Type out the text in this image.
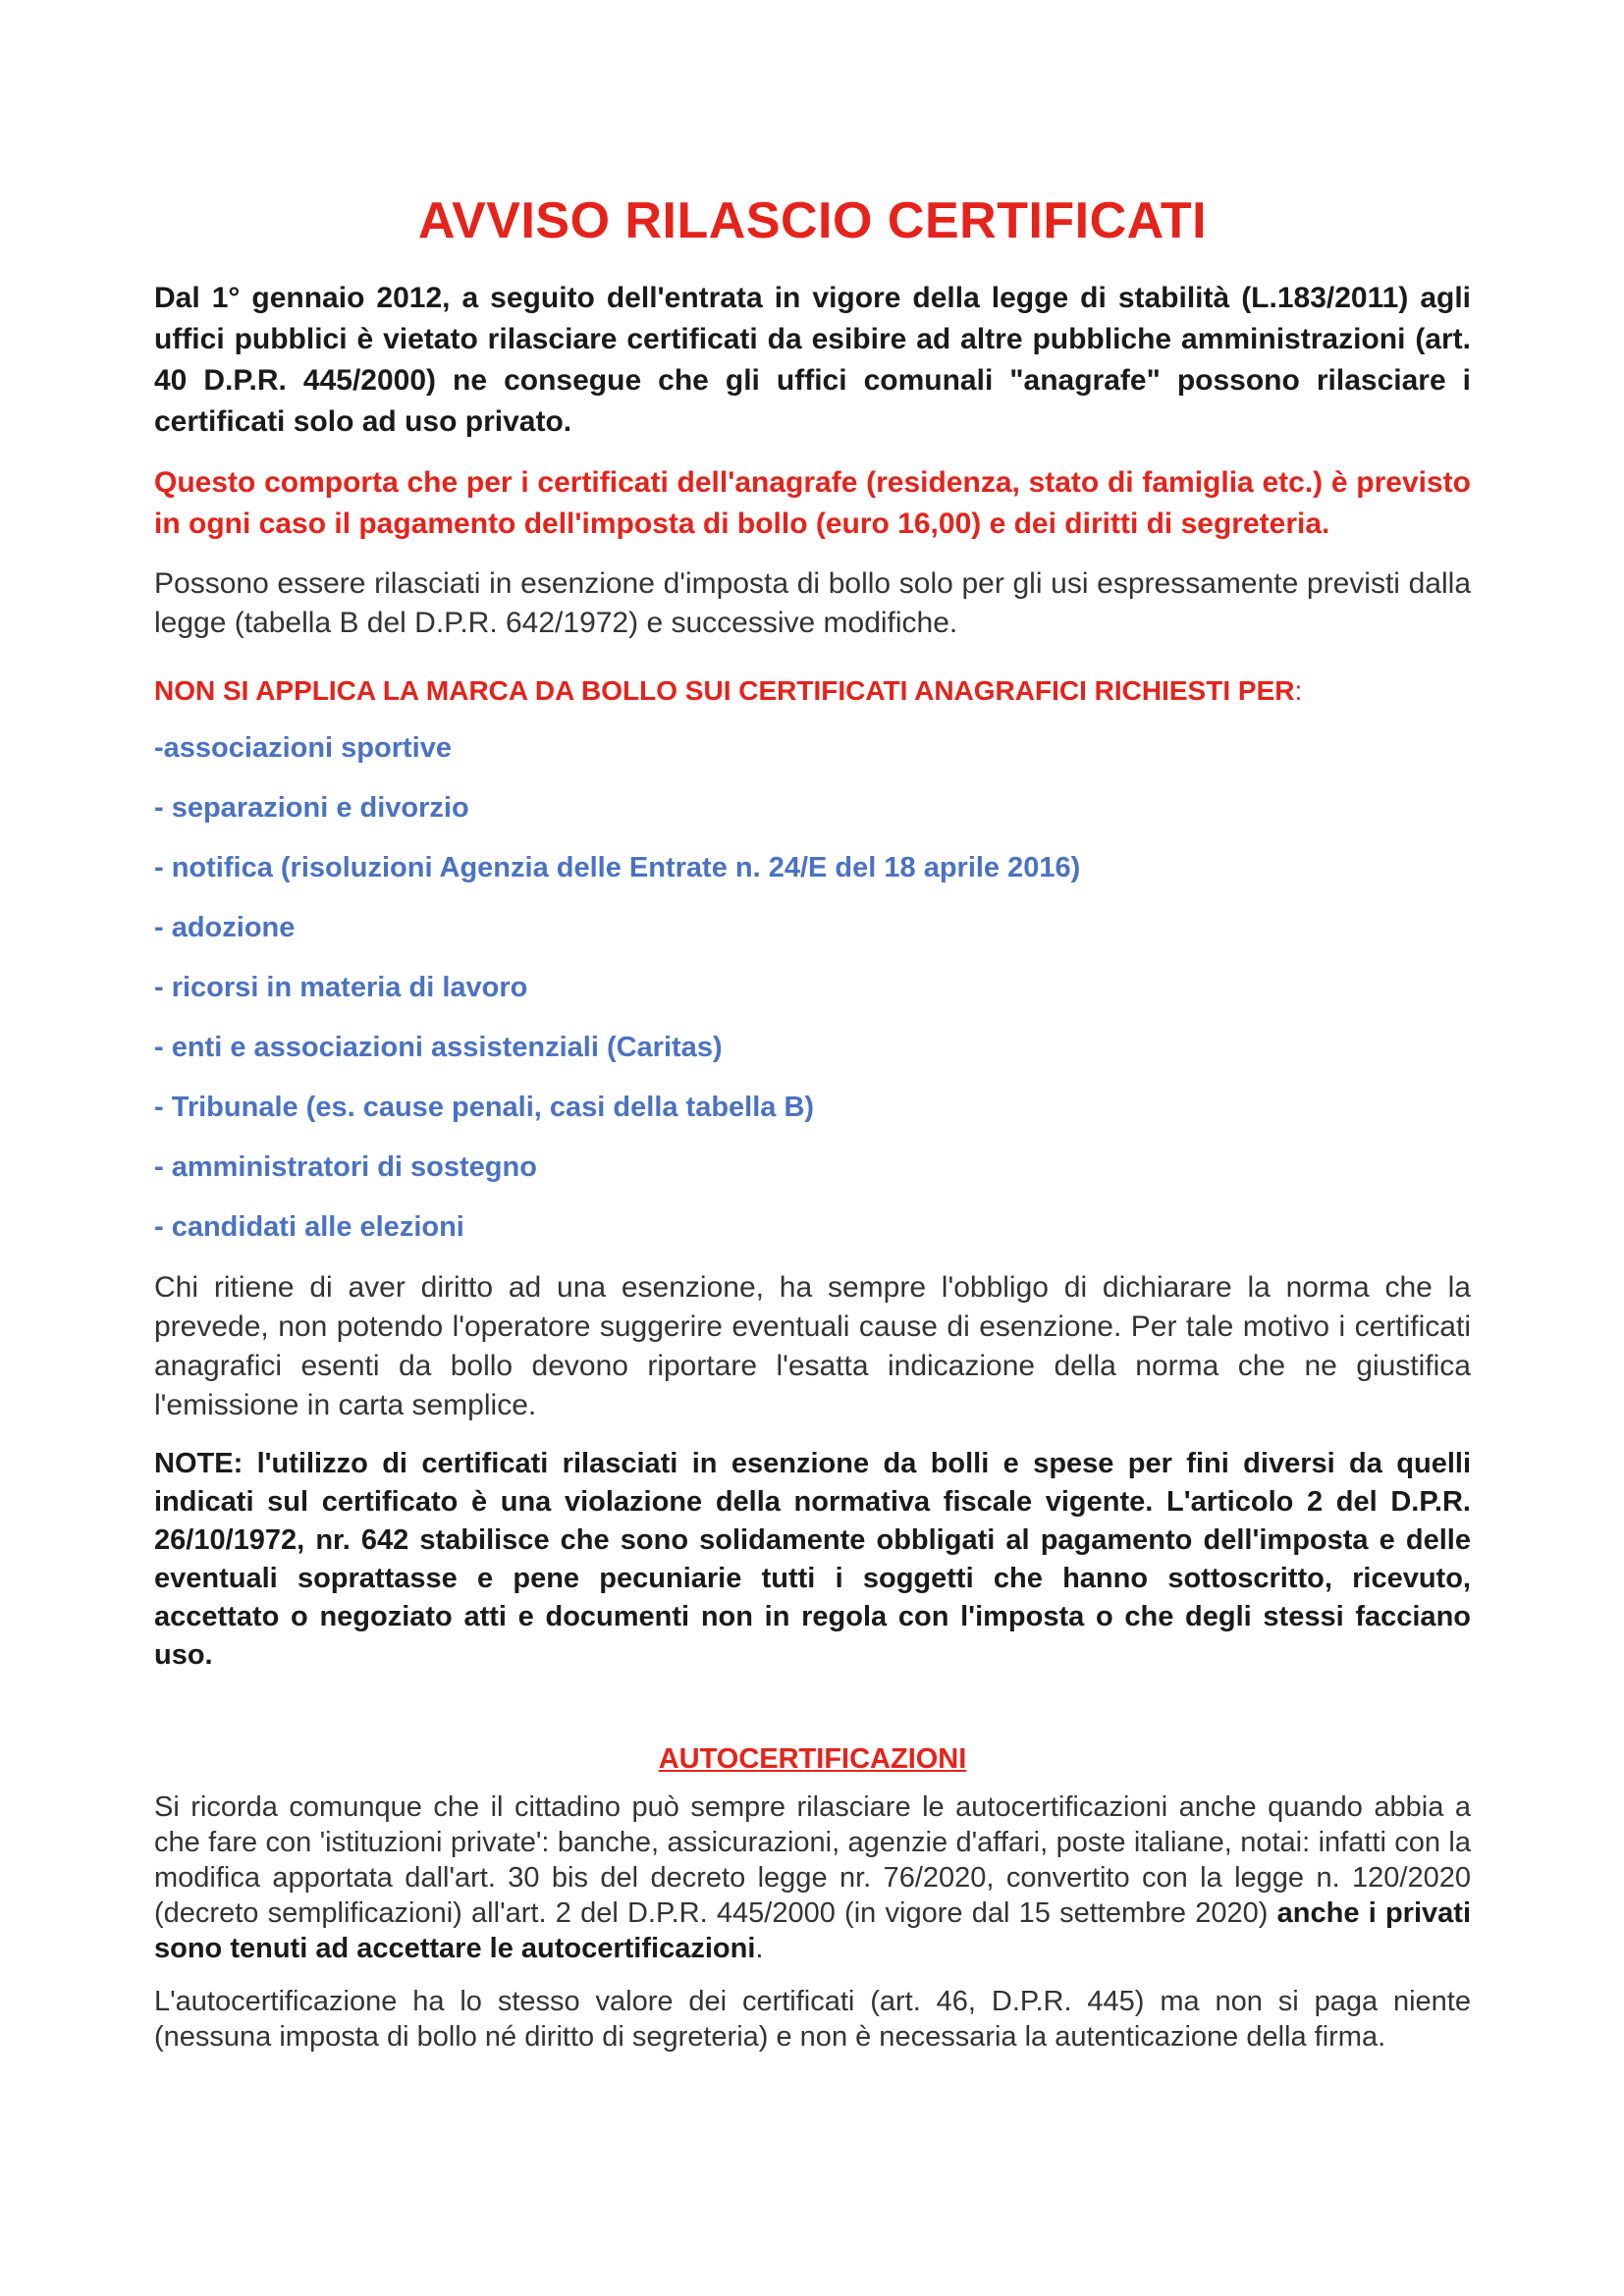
AVVISO RILASCIO CERTIFICATI

Dal 1° gennaio 2012, a seguito dell'entrata in vigore della legge di stabilità (L.183/2011) agli uffici pubblici è vietato rilasciare certificati da esibire ad altre pubbliche amministrazioni (art. 40 D.P.R. 445/2000) ne consegue che gli uffici comunali "anagrafe" possono rilasciare i certificati solo ad uso privato.

Questo comporta che per i certificati dell'anagrafe (residenza, stato di famiglia etc.) è previsto in ogni caso il pagamento dell'imposta di bollo (euro 16,00) e dei diritti di segreteria.

Possono essere rilasciati in esenzione d'imposta di bollo solo per gli usi espressamente previsti dalla legge (tabella B del D.P.R. 642/1972) e successive modifiche.

NON SI APPLICA LA MARCA DA BOLLO SUI CERTIFICATI ANAGRAFICI RICHIESTI PER:

-associazioni sportive
- separazioni e divorzio
- notifica (risoluzioni Agenzia delle Entrate n. 24/E del 18 aprile 2016)
- adozione
- ricorsi in materia di lavoro
- enti e associazioni assistenziali (Caritas)
- Tribunale (es. cause penali, casi della tabella B)
- amministratori di sostegno
- candidati alle elezioni

Chi ritiene di aver diritto ad una esenzione, ha sempre l'obbligo di dichiarare la norma che la prevede, non potendo l'operatore suggerire eventuali cause di esenzione. Per tale motivo i certificati anagrafici esenti da bollo devono riportare l'esatta indicazione della norma che ne giustifica l'emissione in carta semplice.

NOTE: l'utilizzo di certificati rilasciati in esenzione da bolli e spese per fini diversi da quelli indicati sul certificato è una violazione della normativa fiscale vigente. L'articolo 2 del D.P.R. 26/10/1972, nr. 642 stabilisce che sono solidamente obbligati al pagamento dell'imposta e delle eventuali soprattasse e pene pecuniarie tutti i soggetti che hanno sottoscritto, ricevuto, accettato o negoziato atti e documenti non in regola con l'imposta o che degli stessi facciano uso.

AUTOCERTIFICAZIONI

Si ricorda comunque che il cittadino può sempre rilasciare le autocertificazioni anche quando abbia a che fare con 'istituzioni private': banche, assicurazioni, agenzie d'affari, poste italiane, notai: infatti con la modifica apportata dall'art. 30 bis del decreto legge nr. 76/2020, convertito con la legge n. 120/2020 (decreto semplificazioni) all'art. 2 del D.P.R. 445/2000 (in vigore dal 15 settembre 2020) anche i privati sono tenuti ad accettare le autocertificazioni.

L'autocertificazione ha lo stesso valore dei certificati (art. 46, D.P.R. 445) ma non si paga niente (nessuna imposta di bollo né diritto di segreteria) e non è necessaria la autenticazione della firma.
